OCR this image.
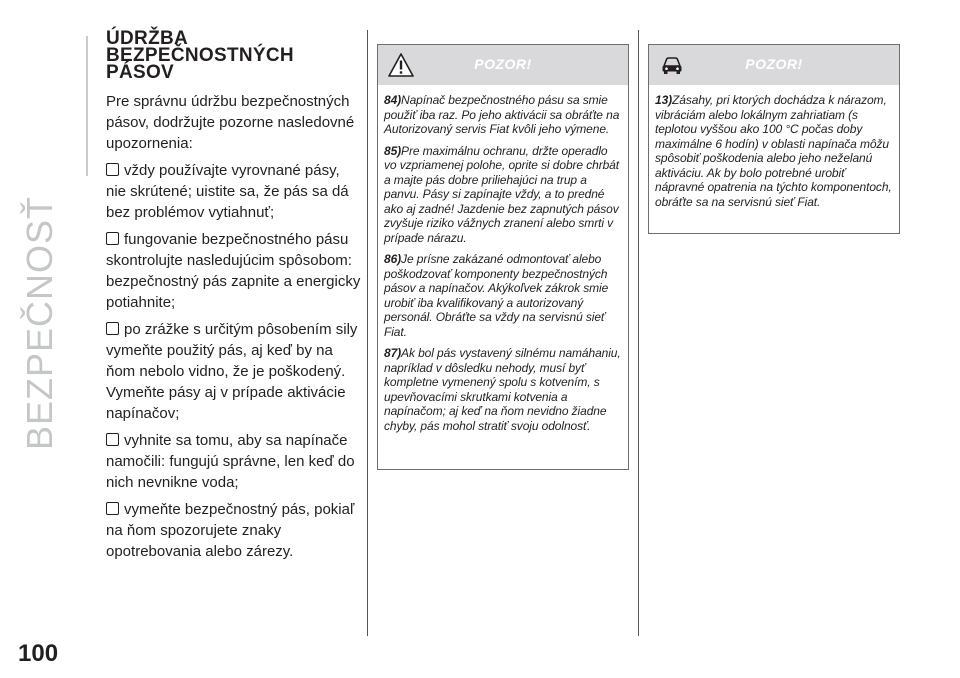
BEZPEČNOSŤ
100
ÚDRŽBA
BEZPEČNOSTNÝCH
PÁSOV

Pre správnu údržbu bezpečnostných pásov, dodržujte pozorne nasledovné upozornenia:

vždy používajte vyrovnané pásy, nie skrútené; uistite sa, že pás sa dá bez problémov vytiahnuť;

fungovanie bezpečnostného pásu skontrolujte nasledujúcim spôsobom: bezpečnostný pás zapnite a energicky potiahnite;

po zrážke s určitým pôsobením sily vymeňte použitý pás, aj keď by na ňom nebolo vidno, že je poškodený. Vymeňte pásy aj v prípade aktivácie napínačov;

vyhnite sa tomu, aby sa napínače namočili: fungujú správne, len keď do nich nevnikne voda;

vymeňte bezpečnostný pás, pokiaľ na ňom spozorujete znaky opotrebovania alebo zárezy.

POZOR!

84)Napínač bezpečnostného pásu sa smie použiť iba raz. Po jeho aktivácii sa obráťte na Autorizovaný servis Fiat kvôli jeho výmene.

85)Pre maximálnu ochranu, držte operadlo vo vzpriamenej polohe, oprite si dobre chrbát a majte pás dobre priliehajúci na trup a panvu. Pásy si zapínajte vždy, a to predné ako aj zadné! Jazdenie bez zapnutých pásov zvyšuje riziko vážnych zranení alebo smrti v prípade nárazu.

86)Je prísne zakázané odmontovať alebo poškodzovať komponenty bezpečnostných pásov a napínačov. Akýkoľvek zákrok smie urobiť iba kvalifikovaný a autorizovaný personál. Obráťte sa vždy na servisnú sieť Fiat.

87)Ak bol pás vystavený silnému namáhaniu, napríklad v dôsledku nehody, musí byť kompletne vymenený spolu s kotvením, s upevňovacími skrutkami kotvenia a napínačom; aj keď na ňom nevidno žiadne chyby, pás mohol stratiť svoju odolnosť.

POZOR!

13)Zásahy, pri ktorých dochádza k nárazom, vibráciám alebo lokálnym zahriatiam (s teplotou vyššou ako 100 °C počas doby maximálne 6 hodín) v oblasti napínača môžu spôsobiť poškodenia alebo jeho neželanú aktiváciu. Ak by bolo potrebné urobiť nápravné opatrenia na týchto komponentoch, obráťte sa na servisnú sieť Fiat.
